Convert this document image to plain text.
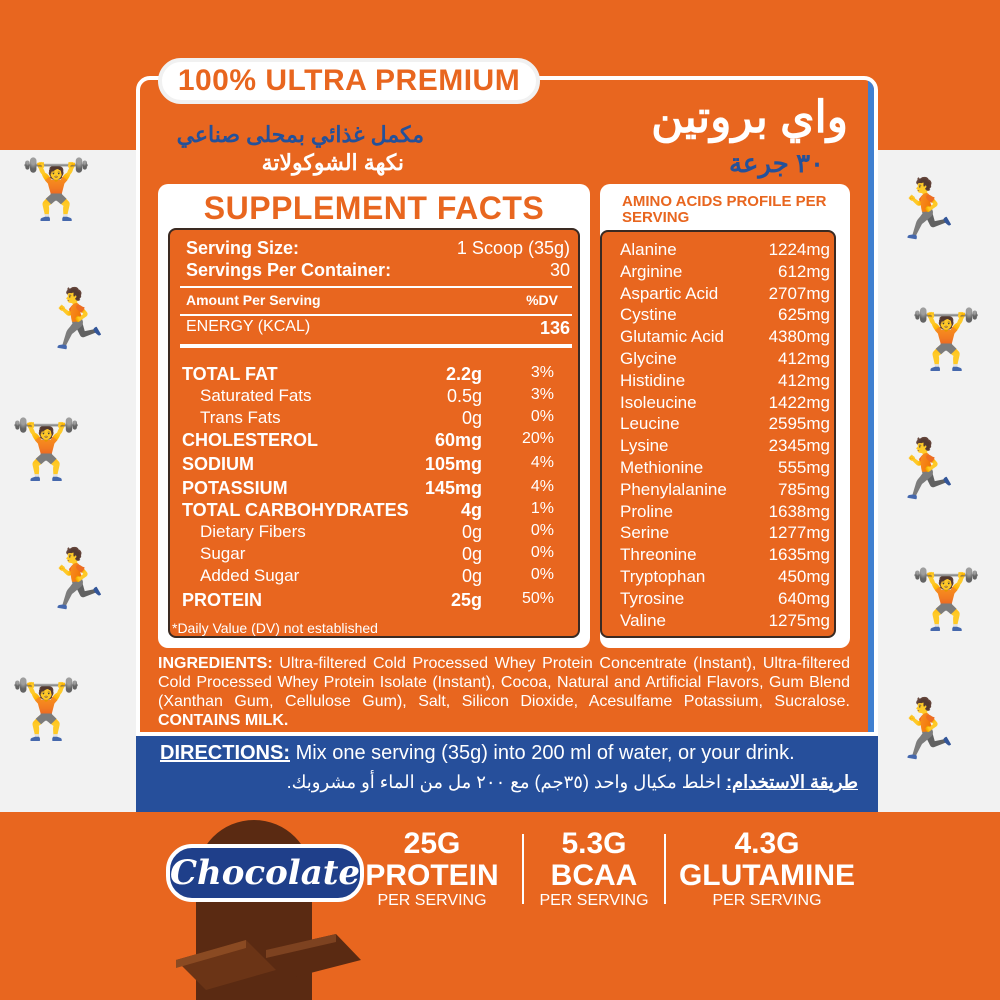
🏋
🏃
🏋
🏃
🏋
🏃
🏋
🏃
🏋
🏃
100% ULTRA PREMIUM
واي بروتين
٣٠ جرعة
مكمل غذائي بمحلى صناعي
نكهة الشوكولاتة
SUPPLEMENT FACTS
Serving Size:	1 Scoop (35g)
Servings Per Container:	30
Amount Per Serving	%DV
ENERGY (KCAL)	136
TOTAL FAT	2.2g	3%
Saturated Fats	0.5g	3%
Trans Fats	0g	0%
CHOLESTEROL	60mg 20%
SODIUM	105mg	4%
POTASSIUM	145mg	4%
TOTAL CARBOHYDRATES	4g	1%
Dietary Fibers	0g	0%
Sugar	0g	0%
Added Sugar	0g	0%
PROTEIN	25g 50%
*Daily Value (DV) not established
AMINO ACIDS PROFILE PER SERVING
Alanine	1224mg
Arginine	612mg
Aspartic Acid	2707mg
Cystine	625mg
Glutamic Acid	4380mg
Glycine	412mg
Histidine	412mg
Isoleucine	1422mg
Leucine	2595mg
Lysine	2345mg
Methionine	555mg
Phenylalanine	785mg
Proline	1638mg
Serine	1277mg
Threonine	1635mg
Tryptophan	450mg
Tyrosine	640mg
Valine	1275mg
INGREDIENTS: Ultra-filtered Cold Processed Whey Protein Concentrate (Instant), Ultra-filtered Cold Processed Whey Protein Isolate (Instant), Cocoa, Natural and Artificial Flavors, Gum Blend (Xanthan Gum, Cellulose Gum), Salt, Silicon Dioxide, Acesulfame Potassium, Sucralose. CONTAINS MILK.
DIRECTIONS: Mix one serving (35g) into 200 ml of water, or your drink.
طريقة الاستخدام: اخلط مكيال واحد (٣٥جم) مع ٢٠٠ مل من الماء أو مشروبك.
Chocolate
25G
PROTEIN
PER SERVING
5.3G
BCAA
PER SERVING
4.3G
GLUTAMINE
PER SERVING
